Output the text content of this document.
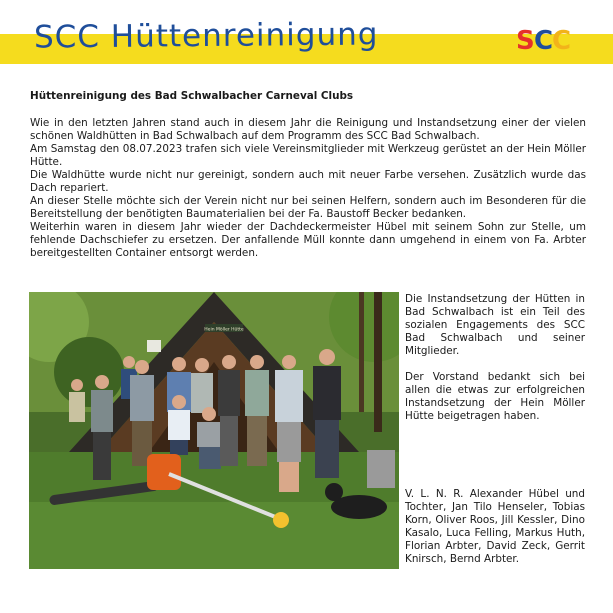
SCC Hüttenreinigung	S C
C
Hüttenreinigung des Bad Schwalbacher Carneval Clubs

Wie in den letzten Jahren stand auch in diesem Jahr die Reinigung und Instandsetzung einer der vielen schönen Waldhütten in Bad Schwalbach auf dem Programm des SCC Bad Schwalbach.

Am Samstag den 08.07.2023 trafen sich viele Vereinsmitglieder mit Werkzeug gerüstet an der Hein Möller Hütte.

Die Waldhütte wurde nicht nur gereinigt, sondern auch mit neuer Farbe versehen. Zusätzlich wurde das Dach repariert.

An dieser Stelle möchte sich der Verein nicht nur bei seinen Helfern, sondern auch im Besonderen für die Bereitstellung der benötigten Baumaterialien bei der Fa. Baustoff Becker bedanken.

Weiterhin waren in diesem Jahr wieder der Dachdeckermeister Hübel mit seinem Sohn zur Stelle, um fehlende Dachschiefer zu ersetzen. Der anfallende Müll konnte dann umgehend in einem von Fa. Arbter bereitgestellten Container entsorgt werden.

Hein Möller Hütte

Die Instandsetzung der Hütten in Bad Schwalbach ist ein Teil des sozialen Engagements des SCC Bad Schwalbach und seiner Mitglieder.

Der Vorstand bedankt sich bei allen die etwas zur erfolgreichen Instandsetzung der Hein Möller Hütte beigetragen haben.

V. L. N. R. Alexander Hübel und Tochter, Jan Tilo Henseler, Tobias Korn, Oliver Roos, Jill Kessler, Dino Kasalo, Luca Felling, Markus Huth, Florian Arbter, David Zeck, Gerrit Knirsch, Bernd Arbter.
